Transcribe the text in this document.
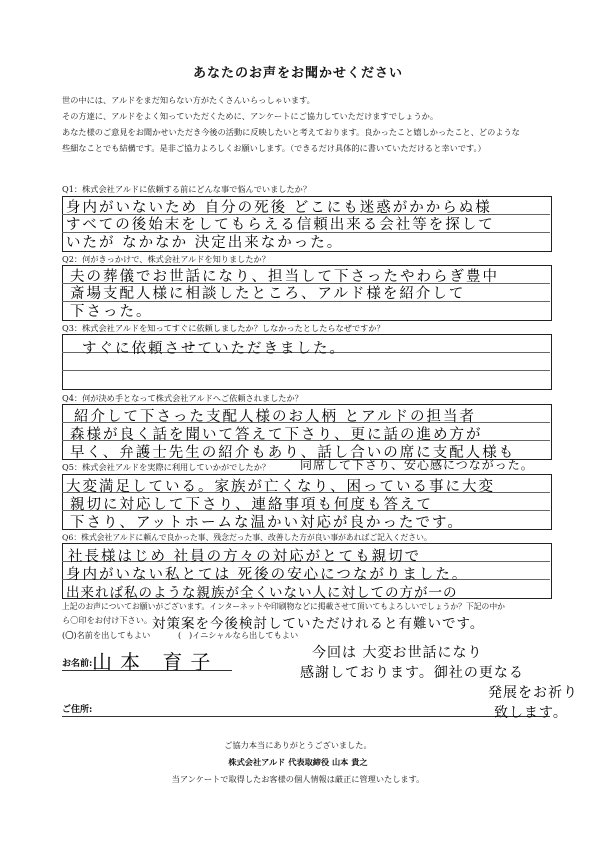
あなたのお声をお聞かせください
世の中には、アルドをまだ知らない方がたくさんいらっしゃいます。
その方達に、アルドをよく知っていただくために、アンケートにご協力していただけますでしょうか。
あなた様のご意見をお聞かせいただき今後の活動に反映したいと考えております。良かったこと嬉しかったこと、どのような
些細なことでも結構です。是非ご協力よろしくお願いします。（できるだけ具体的に書いていただけると幸いです。）
Q1：株式会社アルドに依頼する前にどんな事で悩んでいましたか？
身内がいないため 自分の死後 どこにも迷惑がかからぬ様
すべての後始末をしてもらえる信頼出来る会社等を探して
いたが なかなか 決定出来なかった。
Q2：何がきっかけで、株式会社アルドを知りましたか？
夫の葬儀でお世話になり、担当して下さったやわらぎ豊中
斎場支配人様に相談したところ、アルド様を紹介して
下さった。
Q3：株式会社アルドを知ってすぐに依頼しましたか？しなかったとしたらなぜですか？
すぐに依頼させていただきました。
Q4：何が決め手となって株式会社アルドへご依頼されましたか？
紹介して下さった支配人様のお人柄 とアルドの担当者
森様が良く話を聞いて答えて下さり、更に話の進め方が
早く、弁護士先生の紹介もあり、話し合いの席に支配人様も
Q5：株式会社アルドを実際に利用していかがでしたか？ 同席して下さり、安心感につながった。
大変満足している。家族が亡くなり、困っている事に大変
親切に対応して下さり、連絡事項も何度も答えて
下さり、アットホームな温かい対応が良かったです。
Q6：株式会社アルドに頼んで良かった事、残念だった事、改善した方が良い事があればご記入ください。
社長様はじめ 社員の方々の対応がとても親切で
身内がいない私とては 死後の安心につながりました。
出来れば私のような親族が全くいない人に対しての方が一の
上記のお声についてお願いがございます。インターネットや印刷物などに掲載させて頂いてもよろしいでしょうか？下記の中か
ら〇印をお付け下さい。 対策案を今後検討していただけれると有難いです。
(〇)名前を出してもよい	(   )イニシャルなら出してもよい
お名前: 山本 育子
ご住所:
今回は 大変お世話になり
感謝しております。御社の更なる
発展をお祈り
致します。
ご協力本当にありがとうございました。
株式会社アルド 代表取締役 山本 貴之
当アンケートで取得したお客様の個人情報は厳正に管理いたします。
